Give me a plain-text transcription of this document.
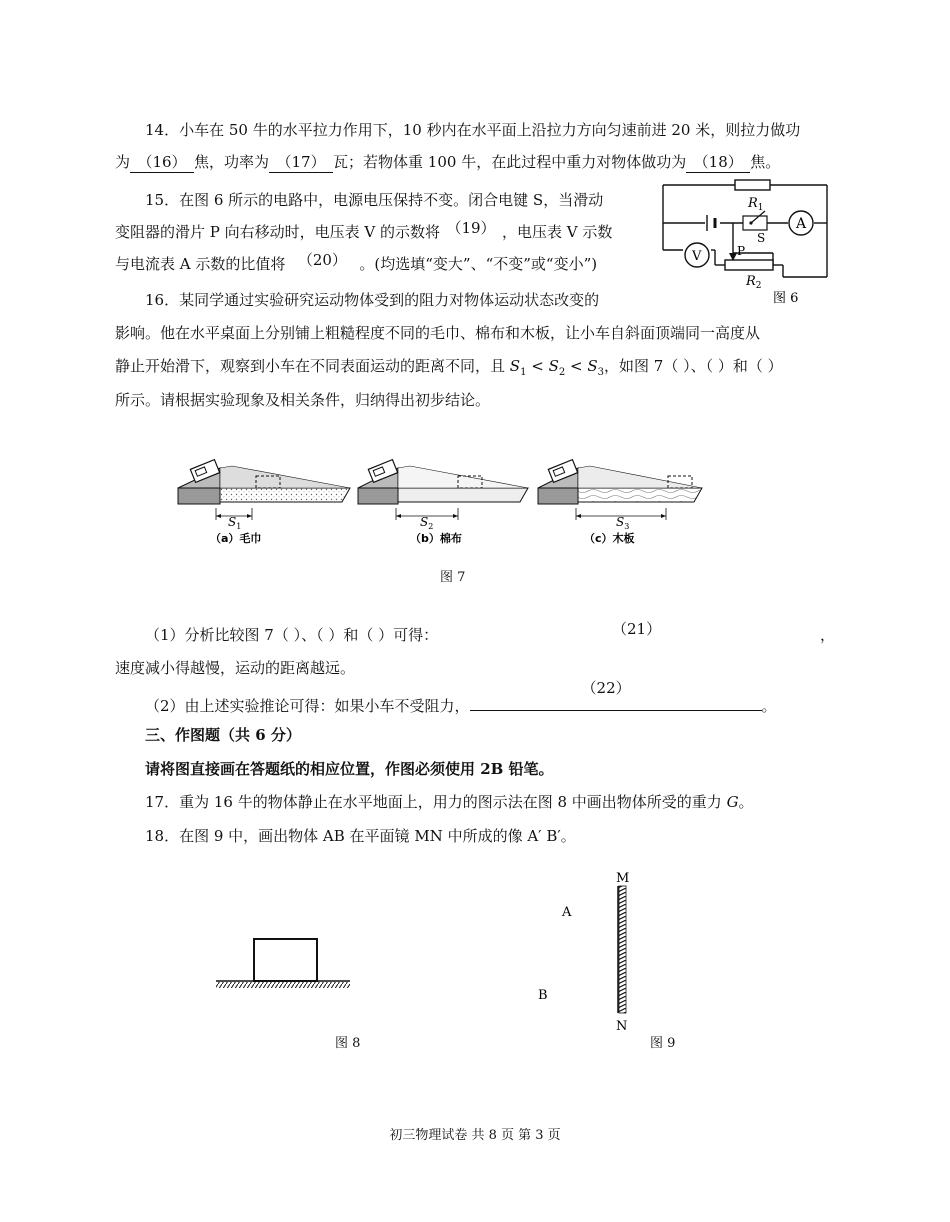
14．小车在 50 牛的水平拉力作用下，10 秒内在水平面上沿拉力方向匀速前进 20 米，则拉力做功
为 （16） 焦，功率为 （17） 瓦；若物体重 100 牛，在此过程中重力对物体做功为 （18） 焦。
15．在图 6 所示的电路中，电源电压保持不变。闭合电键 S，当滑动
变阻器的滑片 P 向右移动时，电压表 V 的示数将 （19） ，电压表 V 示数
与电流表 A 示数的比值将 （20） 。(均选填“变大”、“不变”或“变小”)
$R_1$
S
A
V	P
$R_2$
图 6
16．某同学通过实验研究运动物体受到的阻力对物体运动状态改变的
影响。他在水平桌面上分别铺上粗糙程度不同的毛巾、棉布和木板，让小车自斜面顶端同一高度从
静止开始滑下，观察到小车在不同表面运动的距离不同，且 $S_1 < S_2 < S_3$，如图 7（ ）、（ ）和（ ）
所示。请根据实验现象及相关条件，归纳得出初步结论。
$S_1$	$S_2$	$S_3$
（a）毛巾	（b）棉布	（c）木板
图 7
（1）分析比较图 7（ ）、（ ）和（ ）可得：	（21）	，
速度减小得越慢，运动的距离越远。
（2）由上述实验推论可得：如果小车不受阻力，
（22）
。
三、作图题（共 6 分）
请将图直接画在答题纸的相应位置，作图必须使用 2B 铅笔。
17．重为 16 牛的物体静止在水平地面上，用力的图示法在图 8 中画出物体所受的重力 G。
18．在图 9 中，画出物体 AB 在平面镜 MN 中所成的像 A′ B′。
图 8
M
N
A
B
图 9
初三物理试卷 共 8 页 第 3 页
